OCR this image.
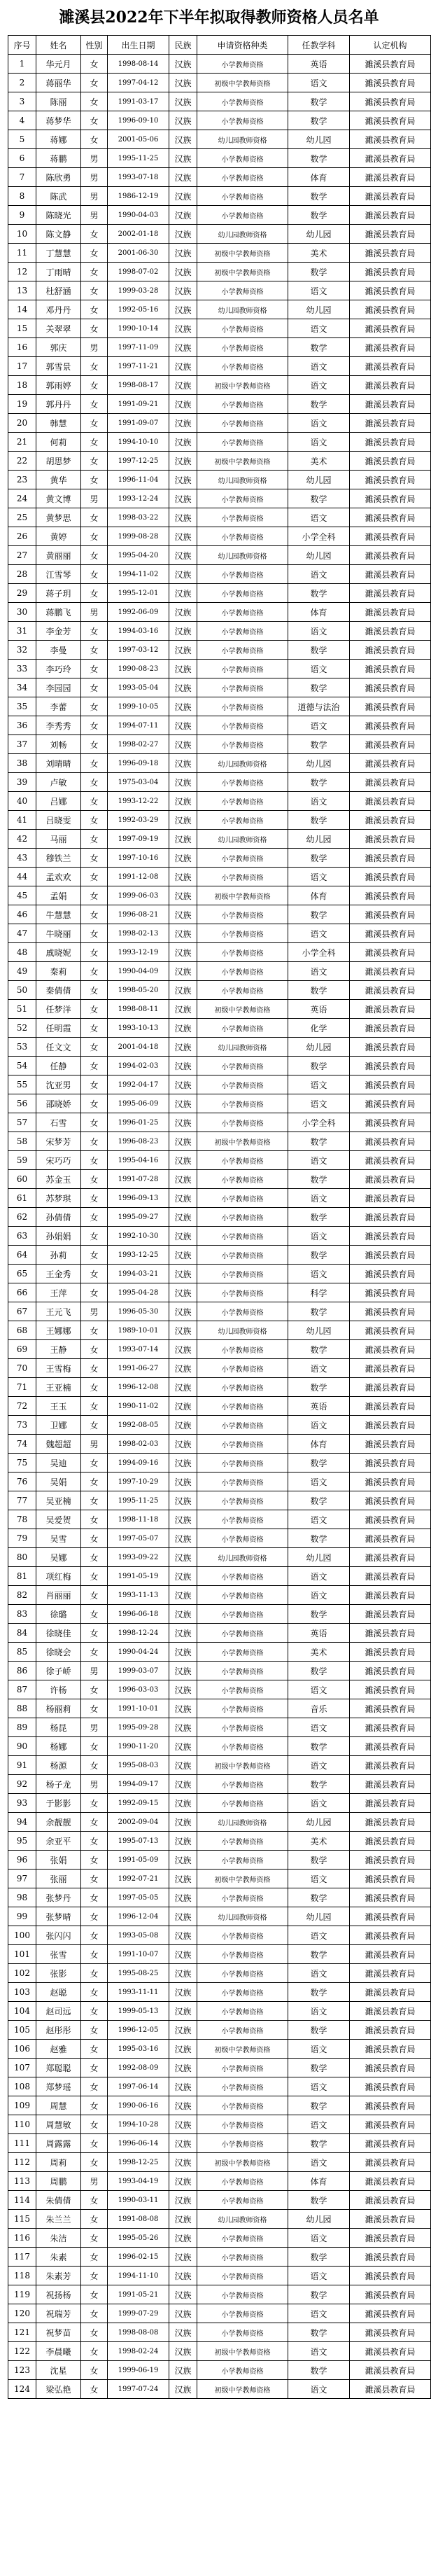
濉溪县2022年下半年拟取得教师资格人员名单
序号	姓名	性别	出生日期	民族	申请资格种类	任教学科	认定机构
1	华元月	女	1998-08-14	汉族	小学教师资格	英语	濉溪县教育局
2	蒋丽华	女	1997-04-12	汉族	初级中学教师资格	语文	濉溪县教育局
3	陈丽	女	1991-03-17	汉族	小学教师资格	数学	濉溪县教育局
4	蒋梦华	女	1996-09-10	汉族	小学教师资格	数学	濉溪县教育局
5	蒋娜	女	2001-05-06	汉族	幼儿园教师资格	幼儿园	濉溪县教育局
6	蒋鹏	男	1995-11-25	汉族	小学教师资格	数学	濉溪县教育局
7	陈欣勇	男	1993-07-18	汉族	小学教师资格	体育	濉溪县教育局
8	陈武	男	1986-12-19	汉族	小学教师资格	数学	濉溪县教育局
9	陈晓光	男	1990-04-03	汉族	小学教师资格	数学	濉溪县教育局
10	陈文静	女	2002-01-18	汉族	幼儿园教师资格	幼儿园	濉溪县教育局
11	丁慧慧	女	2001-06-30	汉族	初级中学教师资格	美术	濉溪县教育局
12	丁雨晴	女	1998-07-02	汉族	初级中学教师资格	数学	濉溪县教育局
13	杜舒涵	女	1999-03-28	汉族	小学教师资格	语文	濉溪县教育局
14	邓丹丹	女	1992-05-16	汉族	幼儿园教师资格	幼儿园	濉溪县教育局
15	关翠翠	女	1990-10-14	汉族	小学教师资格	语文	濉溪县教育局
16	郭庆	男	1997-11-09	汉族	小学教师资格	数学	濉溪县教育局
17	郭雪景	女	1997-11-21	汉族	小学教师资格	语文	濉溪县教育局
18	郭雨婷	女	1998-08-17	汉族	初级中学教师资格	语文	濉溪县教育局
19	郭丹丹	女	1991-09-21	汉族	小学教师资格	数学	濉溪县教育局
20	韩慧	女	1991-09-07	汉族	小学教师资格	语文	濉溪县教育局
21	何莉	女	1994-10-10	汉族	小学教师资格	语文	濉溪县教育局
22	胡思梦	女	1997-12-25	汉族	初级中学教师资格	美术	濉溪县教育局
23	黄华	女	1996-11-04	汉族	幼儿园教师资格	幼儿园	濉溪县教育局
24	黄文博	男	1993-12-24	汉族	小学教师资格	数学	濉溪县教育局
25	黄梦思	女	1998-03-22	汉族	小学教师资格	语文	濉溪县教育局
26	黄婷	女	1999-08-28	汉族	小学教师资格	小学全科	濉溪县教育局
27	黄丽丽	女	1995-04-20	汉族	幼儿园教师资格	幼儿园	濉溪县教育局
28	江雪琴	女	1994-11-02	汉族	小学教师资格	语文	濉溪县教育局
29	蒋子玥	女	1995-12-01	汉族	小学教师资格	数学	濉溪县教育局
30	蒋鹏飞	男	1992-06-09	汉族	小学教师资格	体育	濉溪县教育局
31	李金芳	女	1994-03-16	汉族	小学教师资格	语文	濉溪县教育局
32	李曼	女	1997-03-12	汉族	小学教师资格	数学	濉溪县教育局
33	李巧玲	女	1990-08-23	汉族	小学教师资格	语文	濉溪县教育局
34	李园园	女	1993-05-04	汉族	小学教师资格	数学	濉溪县教育局
35	李蕾	女	1999-10-05	汉族	小学教师资格	道德与法治	濉溪县教育局
36	李秀秀	女	1994-07-11	汉族	小学教师资格	语文	濉溪县教育局
37	刘畅	女	1998-02-27	汉族	小学教师资格	数学	濉溪县教育局
38	刘晴晴	女	1996-09-18	汉族	幼儿园教师资格	幼儿园	濉溪县教育局
39	卢敏	女	1975-03-04	汉族	小学教师资格	数学	濉溪县教育局
40	吕娜	女	1993-12-22	汉族	小学教师资格	语文	濉溪县教育局
41	吕晓雯	女	1992-03-29	汉族	小学教师资格	数学	濉溪县教育局
42	马丽	女	1997-09-19	汉族	幼儿园教师资格	幼儿园	濉溪县教育局
43	穆铁兰	女	1997-10-16	汉族	小学教师资格	数学	濉溪县教育局
44	孟欢欢	女	1991-12-08	汉族	小学教师资格	语文	濉溪县教育局
45	孟娟	女	1999-06-03	汉族	初级中学教师资格	体育	濉溪县教育局
46	牛慧慧	女	1996-08-21	汉族	小学教师资格	数学	濉溪县教育局
47	牛晓丽	女	1998-02-13	汉族	小学教师资格	语文	濉溪县教育局
48	戚晓妮	女	1993-12-19	汉族	小学教师资格	小学全科	濉溪县教育局
49	秦莉	女	1990-04-09	汉族	小学教师资格	语文	濉溪县教育局
50	秦倩倩	女	1998-05-20	汉族	小学教师资格	数学	濉溪县教育局
51	任梦洋	女	1998-08-11	汉族	初级中学教师资格	英语	濉溪县教育局
52	任明霞	女	1993-10-13	汉族	小学教师资格	化学	濉溪县教育局
53	任文文	女	2001-04-18	汉族	幼儿园教师资格	幼儿园	濉溪县教育局
54	任静	女	1994-02-03	汉族	小学教师资格	数学	濉溪县教育局
55	沈亚男	女	1992-04-17	汉族	小学教师资格	语文	濉溪县教育局
56	邵晓娇	女	1995-06-09	汉族	小学教师资格	语文	濉溪县教育局
57	石雪	女	1996-01-25	汉族	小学教师资格	小学全科	濉溪县教育局
58	宋梦芳	女	1996-08-23	汉族	初级中学教师资格	数学	濉溪县教育局
59	宋巧巧	女	1995-04-16	汉族	小学教师资格	语文	濉溪县教育局
60	苏金玉	女	1991-07-28	汉族	小学教师资格	数学	濉溪县教育局
61	苏梦琪	女	1996-09-13	汉族	小学教师资格	语文	濉溪县教育局
62	孙倩倩	女	1995-09-27	汉族	小学教师资格	数学	濉溪县教育局
63	孙娟娟	女	1992-10-30	汉族	小学教师资格	语文	濉溪县教育局
64	孙莉	女	1993-12-25	汉族	小学教师资格	数学	濉溪县教育局
65	王金秀	女	1994-03-21	汉族	小学教师资格	语文	濉溪县教育局
66	王萍	女	1995-04-28	汉族	小学教师资格	科学	濉溪县教育局
67	王元飞	男	1996-05-30	汉族	小学教师资格	数学	濉溪县教育局
68	王娜娜	女	1989-10-01	汉族	幼儿园教师资格	幼儿园	濉溪县教育局
69	王静	女	1993-07-14	汉族	小学教师资格	数学	濉溪县教育局
70	王雪梅	女	1991-06-27	汉族	小学教师资格	语文	濉溪县教育局
71	王亚楠	女	1996-12-08	汉族	小学教师资格	数学	濉溪县教育局
72	王玉	女	1990-11-02	汉族	小学教师资格	英语	濉溪县教育局
73	卫娜	女	1992-08-05	汉族	小学教师资格	语文	濉溪县教育局
74	魏超超	男	1998-02-03	汉族	小学教师资格	体育	濉溪县教育局
75	吴迪	女	1994-09-16	汉族	小学教师资格	数学	濉溪县教育局
76	吴娟	女	1997-10-29	汉族	小学教师资格	语文	濉溪县教育局
77	吴亚楠	女	1995-11-25	汉族	小学教师资格	数学	濉溪县教育局
78	吴爱贺	女	1998-11-18	汉族	小学教师资格	语文	濉溪县教育局
79	吴雪	女	1997-05-07	汉族	小学教师资格	数学	濉溪县教育局
80	吴娜	女	1993-09-22	汉族	幼儿园教师资格	幼儿园	濉溪县教育局
81	项红梅	女	1991-05-19	汉族	小学教师资格	语文	濉溪县教育局
82	肖丽丽	女	1993-11-13	汉族	小学教师资格	语文	濉溪县教育局
83	徐璐	女	1996-06-18	汉族	小学教师资格	数学	濉溪县教育局
84	徐晓佳	女	1998-12-24	汉族	小学教师资格	英语	濉溪县教育局
85	徐晓会	女	1990-04-24	汉族	小学教师资格	美术	濉溪县教育局
86	徐子峤	男	1999-03-07	汉族	小学教师资格	数学	濉溪县教育局
87	许杨	女	1996-03-03	汉族	小学教师资格	语文	濉溪县教育局
88	杨丽莉	女	1991-10-01	汉族	小学教师资格	音乐	濉溪县教育局
89	杨昆	男	1995-09-28	汉族	小学教师资格	语文	濉溪县教育局
90	杨娜	女	1990-11-20	汉族	小学教师资格	数学	濉溪县教育局
91	杨源	女	1995-08-03	汉族	初级中学教师资格	语文	濉溪县教育局
92	杨子龙	男	1994-09-17	汉族	小学教师资格	数学	濉溪县教育局
93	于影影	女	1992-09-15	汉族	小学教师资格	语文	濉溪县教育局
94	余靓靓	女	2002-09-04	汉族	幼儿园教师资格	幼儿园	濉溪县教育局
95	余亚平	女	1995-07-13	汉族	小学教师资格	美术	濉溪县教育局
96	张娟	女	1991-05-09	汉族	小学教师资格	数学	濉溪县教育局
97	张丽	女	1992-07-21	汉族	初级中学教师资格	语文	濉溪县教育局
98	张梦丹	女	1997-05-05	汉族	小学教师资格	数学	濉溪县教育局
99	张梦晴	女	1996-12-04	汉族	幼儿园教师资格	幼儿园	濉溪县教育局
100	张闪闪	女	1993-05-08	汉族	小学教师资格	语文	濉溪县教育局
101	张雪	女	1991-10-07	汉族	小学教师资格	数学	濉溪县教育局
102	张影	女	1995-08-25	汉族	小学教师资格	语文	濉溪县教育局
103	赵聪	女	1993-11-11	汉族	小学教师资格	数学	濉溪县教育局
104	赵司远	女	1999-05-13	汉族	小学教师资格	语文	濉溪县教育局
105	赵彤彤	女	1996-12-05	汉族	小学教师资格	数学	濉溪县教育局
106	赵雅	女	1995-03-16	汉族	初级中学教师资格	语文	濉溪县教育局
107	郑聪聪	女	1992-08-09	汉族	小学教师资格	数学	濉溪县教育局
108	郑梦瑶	女	1997-06-14	汉族	小学教师资格	语文	濉溪县教育局
109	周慧	女	1990-06-16	汉族	小学教师资格	数学	濉溪县教育局
110	周慧敏	女	1994-10-28	汉族	小学教师资格	语文	濉溪县教育局
111	周露露	女	1996-06-14	汉族	小学教师资格	数学	濉溪县教育局
112	周莉	女	1998-12-25	汉族	初级中学教师资格	语文	濉溪县教育局
113	周鹏	男	1993-04-19	汉族	小学教师资格	体育	濉溪县教育局
114	朱倩倩	女	1990-03-11	汉族	小学教师资格	数学	濉溪县教育局
115	朱兰兰	女	1991-08-08	汉族	幼儿园教师资格	幼儿园	濉溪县教育局
116	朱洁	女	1995-05-26	汉族	小学教师资格	语文	濉溪县教育局
117	朱素	女	1996-02-15	汉族	小学教师资格	数学	濉溪县教育局
118	朱素芳	女	1994-11-10	汉族	小学教师资格	语文	濉溪县教育局
119	祝扬杨	女	1991-05-21	汉族	小学教师资格	数学	濉溪县教育局
120	祝瑞芳	女	1999-07-29	汉族	小学教师资格	语文	濉溪县教育局
121	祝梦苗	女	1998-08-08	汉族	小学教师资格	数学	濉溪县教育局
122	李晨曦	女	1998-02-24	汉族	初级中学教师资格	语文	濉溪县教育局
123	沈星	女	1999-06-19	汉族	小学教师资格	数学	濉溪县教育局
124	梁弘艳	女	1997-07-24	汉族	初级中学教师资格	语文	濉溪县教育局
